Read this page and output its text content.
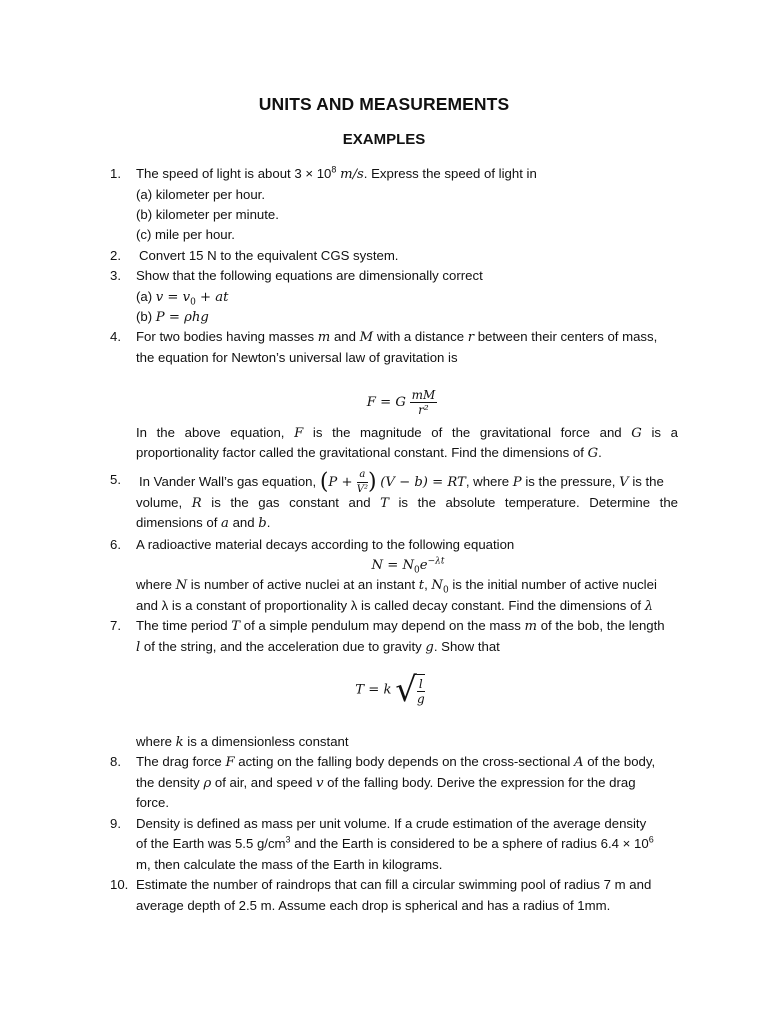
UNITS AND MEASUREMENTS
EXAMPLES
1.	The speed of light is about $3 \times 10^8$ m/s. Express the speed of light in
(a) kilometer per hour.
(b) kilometer per minute.
(c) mile per hour.
2.	Convert 15 N to the equivalent CGS system.
3.	Show that the following equations are dimensionally correct
(a) $v = v_0$ + at
(b) P = ρhg
4.	For two bodies having masses m and M with a distance r between their centers of mass,
the equation for Newton’s universal law of gravitation is
F = G $\frac{mM}{\text{r²}}$
In the above equation, F is the magnitude of the gravitational force and G is a
proportionality factor called the gravitational constant. Find the dimensions of G.
5.	In Vander Wall’s gas equation, ($P + \frac{a}{\text{V²}}$ ) (V − b) = RT, where P is the pressure, V is the
volume, R is the gas constant and T is the absolute temperature. Determine the
dimensions of a and b.
6.	A radioactive material decays according to the following equation
$N = N_0e^{-\lambda t}$
where N is number of active nuclei at an instant t, $N_0$ is the initial number of active nuclei
and λ is a constant of proportionality λ is called decay constant. Find the dimensions of λ
7.	The time period T of a simple pendulum may depend on the mass m of the bob, the length
l of the string, and the acceleration due to gravity g. Show that
T = k √ $\frac{l}{g}$
where k is a dimensionless constant
8.	The drag force F acting on the falling body depends on the cross-sectional A of the body,
the density ρ of air, and speed v of the falling body. Derive the expression for the drag
force.
9.	Density is defined as mass per unit volume. If a crude estimation of the average density
of the Earth was 5.5 $g/cm^3$ and the Earth is considered to be a sphere of radius $6.4 \times 10^6$
m, then calculate the mass of the Earth in kilograms.
10. Estimate the number of raindrops that can fill a circular swimming pool of radius 7 m and
average depth of 2.5 m. Assume each drop is spherical and has a radius of 1mm.
